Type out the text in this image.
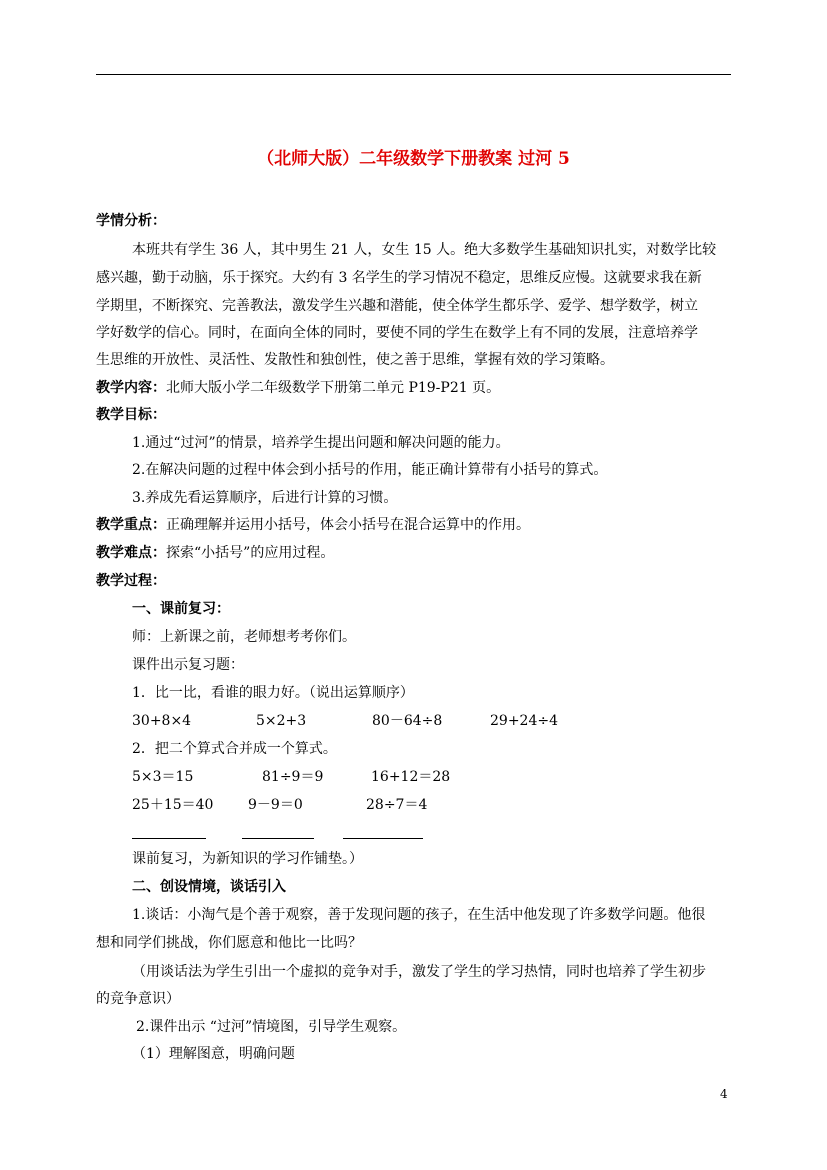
（北师大版）二年级数学下册教案 过河 5
学情分析：
本班共有学生 36 人，其中男生 21 人，女生 15 人。绝大多数学生基础知识扎实，对数学比较
感兴趣，勤于动脑，乐于探究。大约有 3 名学生的学习情况不稳定，思维反应慢。这就要求我在新
学期里，不断探究、完善教法，激发学生兴趣和潜能，使全体学生都乐学、爱学、想学数学，树立
学好数学的信心。同时，在面向全体的同时，要使不同的学生在数学上有不同的发展，注意培养学
生思维的开放性、灵活性、发散性和独创性，使之善于思维，掌握有效的学习策略。
教学内容：北师大版小学二年级数学下册第二单元 P19-P21 页。
教学目标：
1.通过“过河”的情景，培养学生提出问题和解决问题的能力。
2.在解决问题的过程中体会到小括号的作用，能正确计算带有小括号的算式。
3.养成先看运算顺序，后进行计算的习惯。
教学重点：正确理解并运用小括号，体会小括号在混合运算中的作用。
教学难点：探索“小括号”的应用过程。
教学过程：
一、课前复习：
师：上新课之前，老师想考考你们。
课件出示复习题：
1．比一比，看谁的眼力好。（说出运算顺序）
30+8×4	5×2+3	80－64÷8	29+24÷4
2．把二个算式合并成一个算式。
5×3＝15	81÷9＝9	16+12＝28
25＋15＝40	9－9＝0	28÷7＝4
课前复习，为新知识的学习作铺垫。）
二、创设情境，谈话引入
1.谈话：小淘气是个善于观察，善于发现问题的孩子，在生活中他发现了许多数学问题。他很
想和同学们挑战，你们愿意和他比一比吗？
（用谈话法为学生引出一个虚拟的竞争对手，激发了学生的学习热情，同时也培养了学生初步
的竞争意识）
2.课件出示 “过河”情境图，引导学生观察。
（1）理解图意，明确问题
4
